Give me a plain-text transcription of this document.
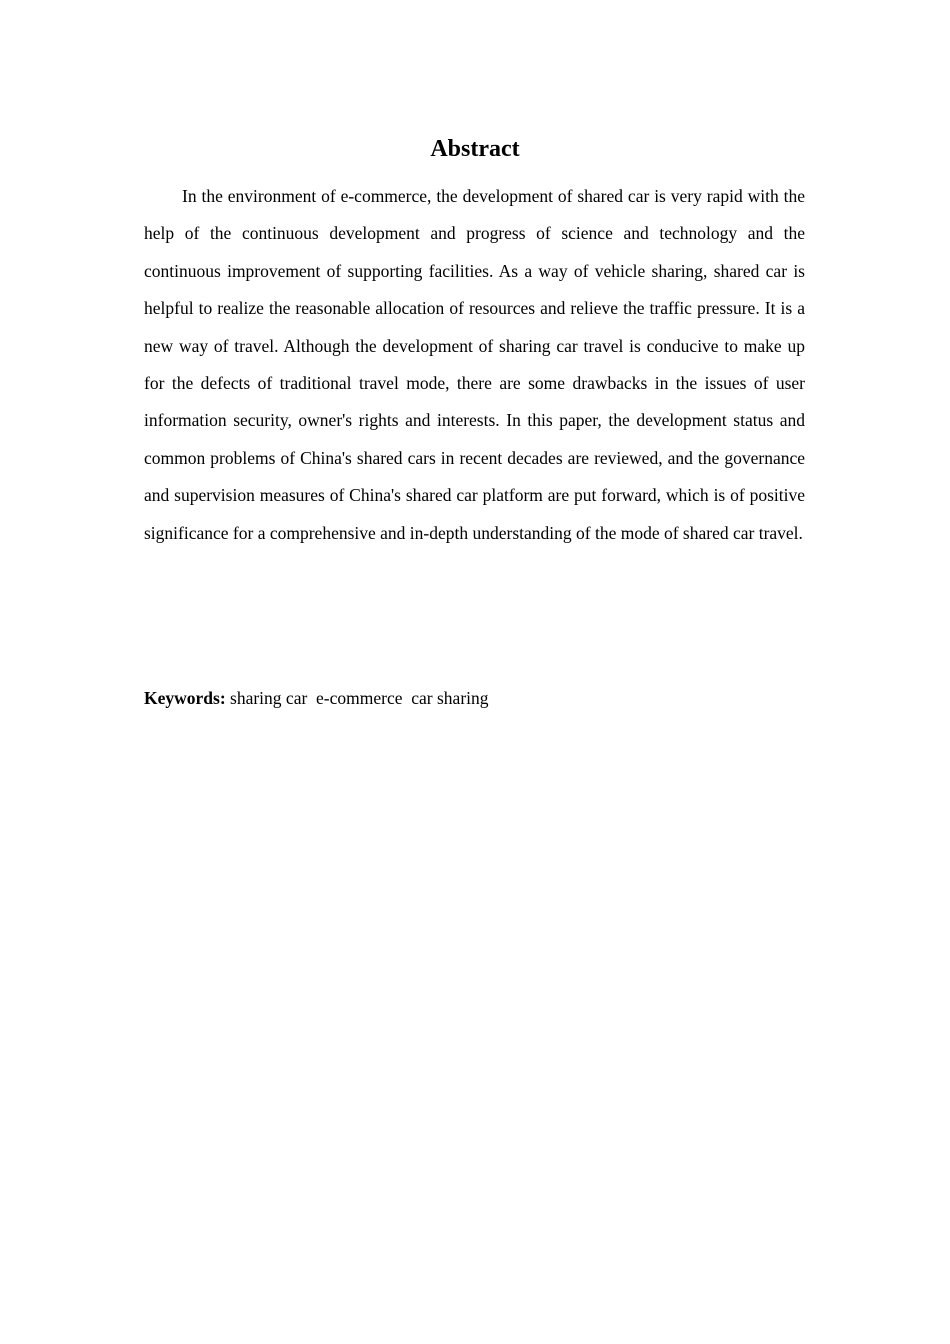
Abstract

In the environment of e-commerce, the development of shared car is very rapid with the help of the continuous development and progress of science and technology and the continuous improvement of supporting facilities. As a way of vehicle sharing, shared car is helpful to realize the reasonable allocation of resources and relieve the traffic pressure. It is a new way of travel. Although the development of sharing car travel is conducive to make up for the defects of traditional travel mode, there are some drawbacks in the issues of user information security, owner's rights and interests. In this paper, the development status and common problems of China's shared cars in recent decades are reviewed, and the governance and supervision measures of China's shared car platform are put forward, which is of positive significance for a comprehensive and in-depth understanding of the mode of shared car travel.

Keywords: sharing car  e-commerce  car sharing
